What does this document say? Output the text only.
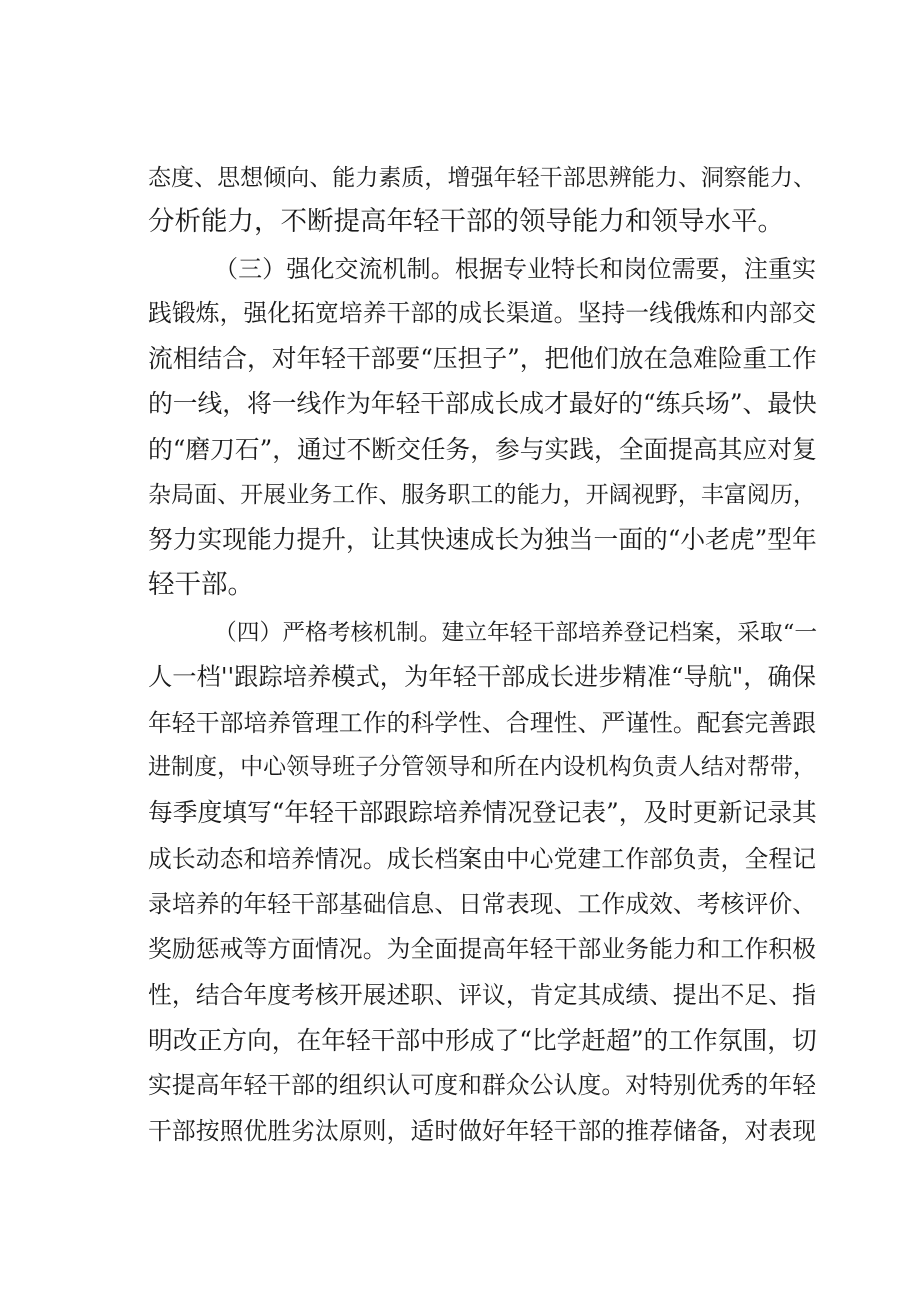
态度、思想倾向、能力素质，增强年轻干部思辨能力、洞察能力、
分析能力，不断提高年轻干部的领导能力和领导水平。
（三）强化交流机制。根据专业特长和岗位需要，注重实
践锻炼，强化拓宽培养干部的成长渠道。坚持一线俄炼和内部交
流相结合，对年轻干部要“压担子”，把他们放在急难险重工作
的一线，将一线作为年轻干部成长成才最好的“练兵场”、最快
的“磨刀石”，通过不断交任务，参与实践，全面提高其应对复
杂局面、开展业务工作、服务职工的能力，开阔视野，丰富阅历，
努力实现能力提升，让其快速成长为独当一面的“小老虎”型年
轻干部。
（四）严格考核机制。建立年轻干部培养登记档案，采取“一
人一档''跟踪培养模式，为年轻干部成长进步精准“导航"，确保
年轻干部培养管理工作的科学性、合理性、严谨性。配套完善跟
进制度，中心领导班子分管领导和所在内设机构负责人结对帮带，
每季度填写“年轻干部跟踪培养情况登记表”，及时更新记录其
成长动态和培养情况。成长档案由中心党建工作部负责，全程记
录培养的年轻干部基础信息、日常表现、工作成效、考核评价、
奖励惩戒等方面情况。为全面提高年轻干部业务能力和工作积极
性，结合年度考核开展述职、评议，肯定其成绩、提出不足、指
明改正方向，在年轻干部中形成了“比学赶超”的工作氛围，切
实提高年轻干部的组织认可度和群众公认度。对特别优秀的年轻
干部按照优胜劣汰原则，适时做好年轻干部的推荐储备，对表现
